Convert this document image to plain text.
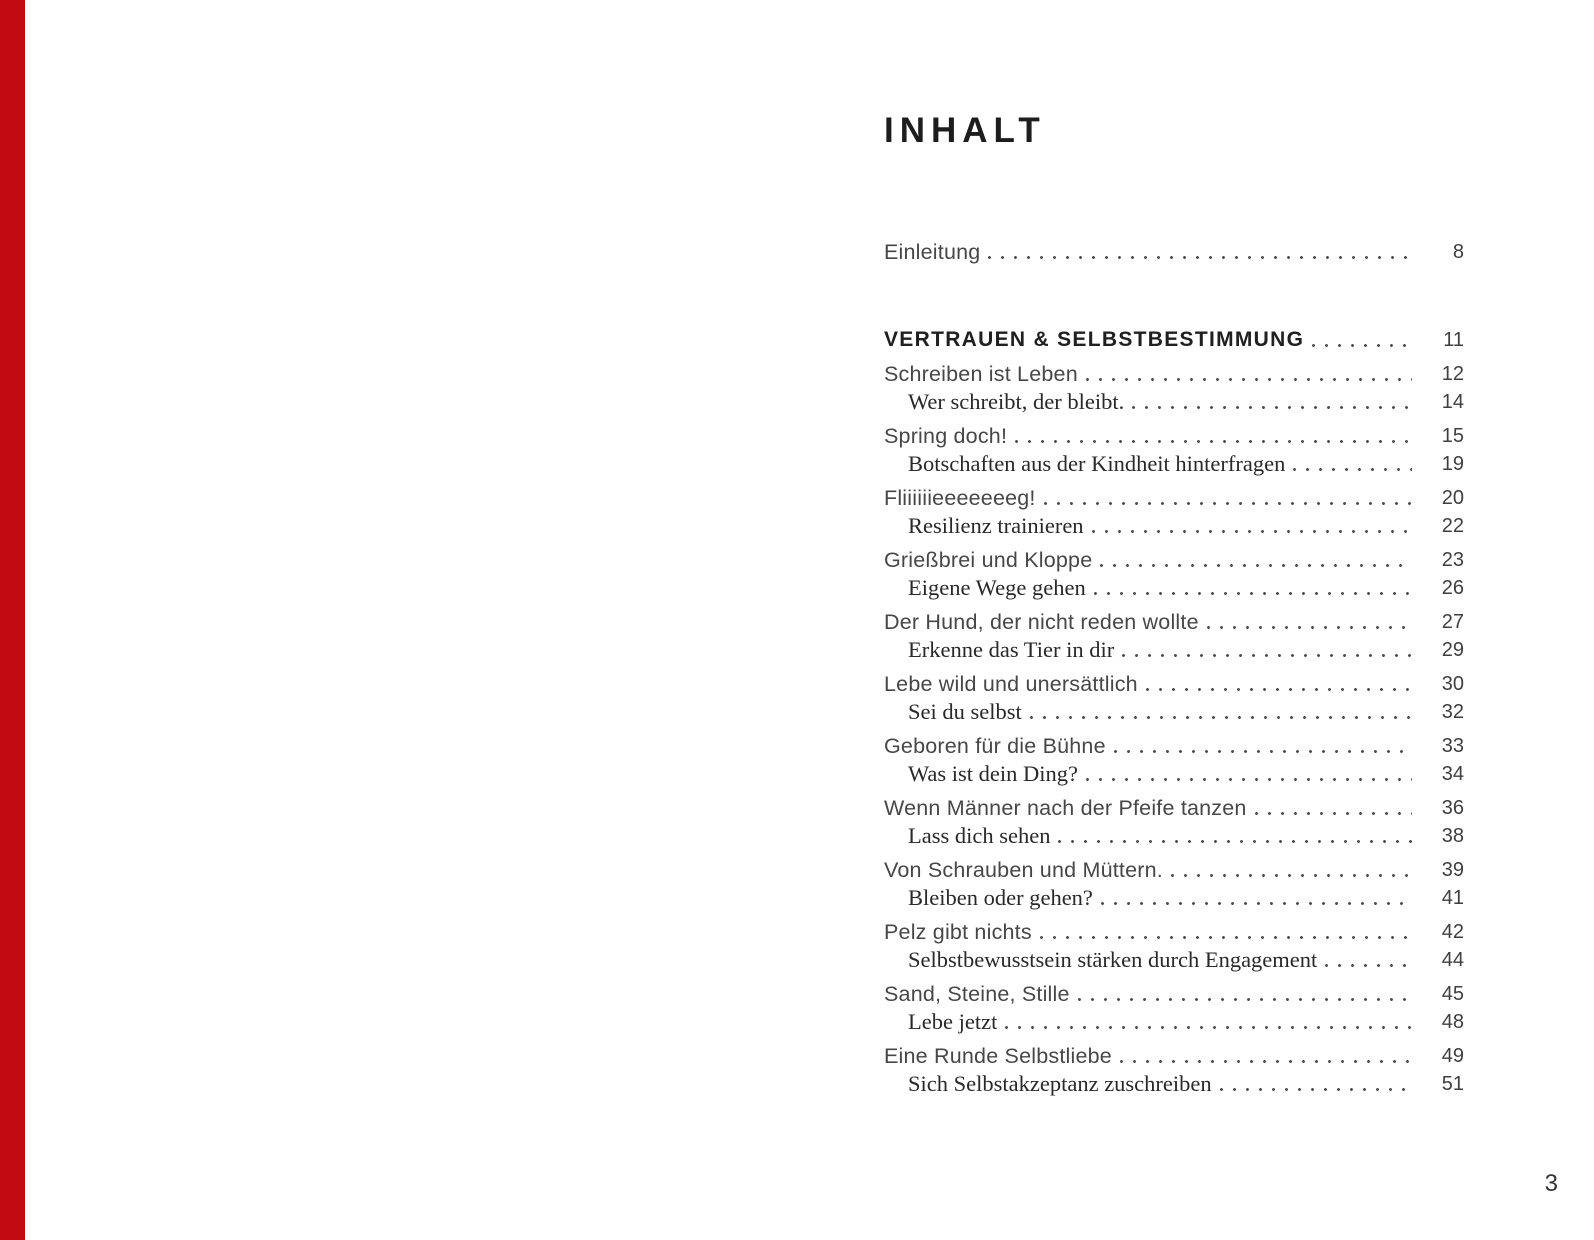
INHALT
Einleitung	8
VERTRAUEN & SELBSTBESTIMMUNG	11
Schreiben ist Leben	12
Wer schreibt, der bleibt.	14
Spring doch!	15
Botschaften aus der Kindheit hinterfragen	19
Fliiiiiieeeeeeeg!	20
Resilienz trainieren	22
Grießbrei und Kloppe	23
Eigene Wege gehen	26
Der Hund, der nicht reden wollte	27
Erkenne das Tier in dir	29
Lebe wild und unersättlich	30
Sei du selbst	32
Geboren für die Bühne	33
Was ist dein Ding?	34
Wenn Männer nach der Pfeife tanzen	36
Lass dich sehen	38
Von Schrauben und Müttern.	39
Bleiben oder gehen?	41
Pelz gibt nichts	42
Selbstbewusstsein stärken durch Engagement	44
Sand, Steine, Stille	45
Lebe jetzt	48
Eine Runde Selbstliebe	49
Sich Selbstakzeptanz zuschreiben	51
3
